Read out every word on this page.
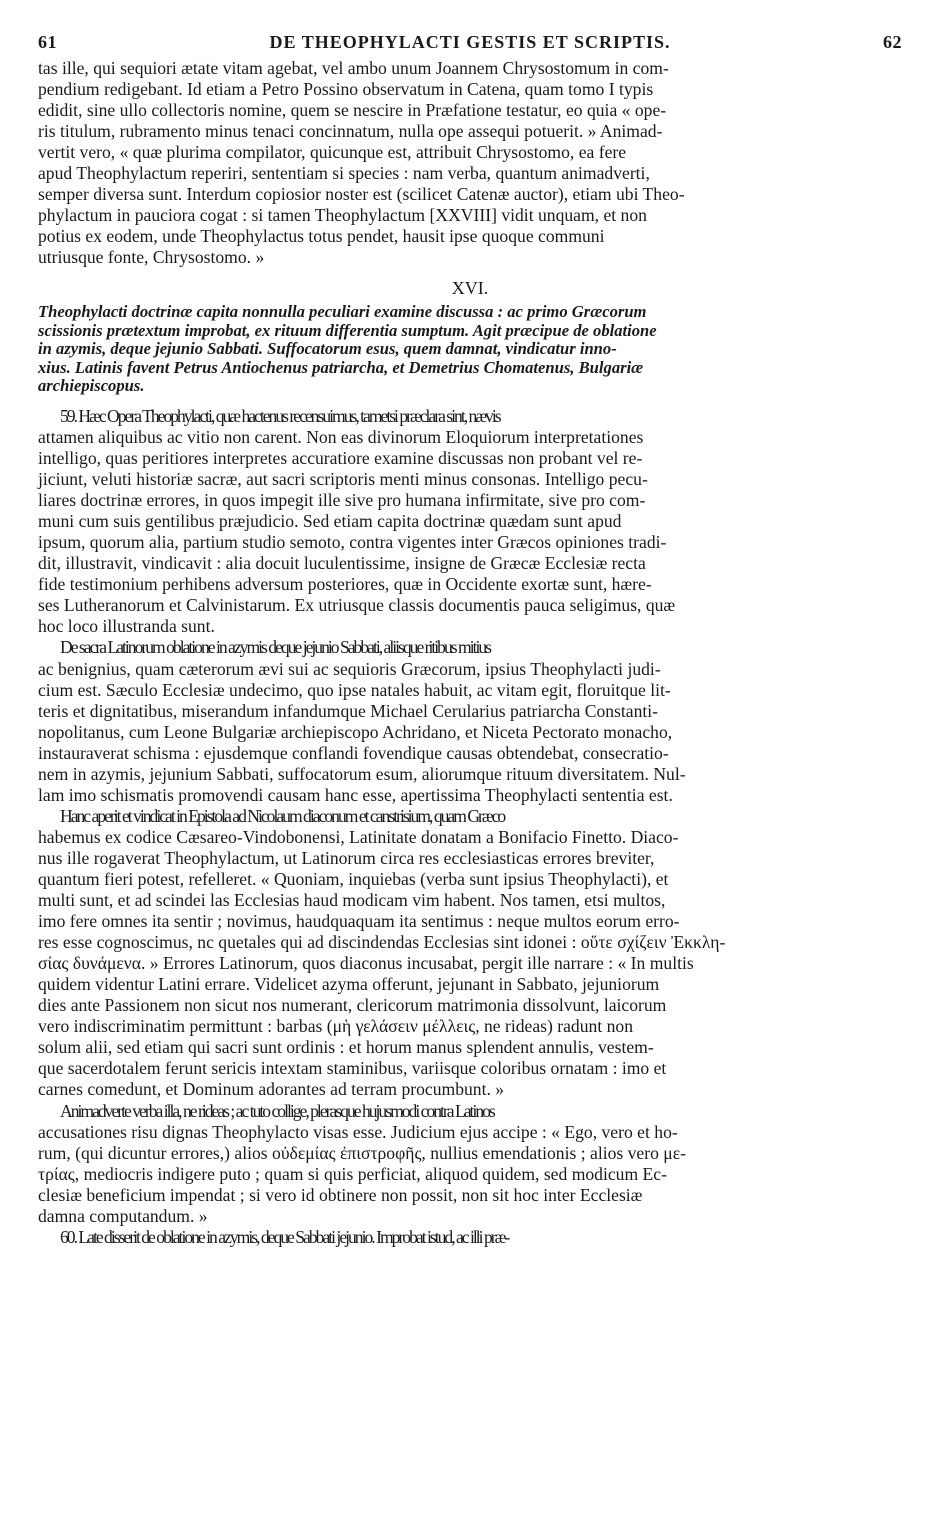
61	DE THEOPHYLACTI GESTIS ET SCRIPTIS.	62

tas ille, qui sequiori ætate vitam agebat, vel ambo unum Joannem Chrysostomum in com-
pendium redigebant. Id etiam a Petro Possino observatum in Catena, quam tomo I typis
edidit, sine ullo collectoris nomine, quem se nescire in Præfatione testatur, eo quia « ope-
ris titulum, rubramento minus tenaci concinnatum, nulla ope assequi potuerit. » Animad-
vertit vero, « quæ plurima compilator, quicunque est, attribuit Chrysostomo, ea fere
apud Theophylactum reperiri, sententiam si species : nam verba, quantum animadverti,
semper diversa sunt. Interdum copiosior noster est (scilicet Catenæ auctor), etiam ubi Theo-
phylactum in pauciora cogat : si tamen Theophylactum [XXVIII] vidit unquam, et non
potius ex eodem, unde Theophylactus totus pendet, hausit ipse quoque communi
utriusque fonte, Chrysostomo. »

XVI.

Theophylacti doctrinæ capita nonnulla peculiari examine discussa : ac primo Græcorum
scissionis prætextum improbat, ex rituum differentia sumptum. Agit præcipue de oblatione
in azymis, deque jejunio Sabbati. Suffocatorum esus, quem damnat, vindicatur inno-
xius. Latinis favent Petrus Antiochenus patriarcha, et Demetrius Chomatenus, Bulgariæ
archiepiscopus.

59. Hæc Opera Theophylacti, quæ hactenus recensuimus, tametsi præclara sint, nævis
attamen aliquibus ac vitio non carent. Non eas divinorum Eloquiorum interpretationes
intelligo, quas peritiores interpretes accuratiore examine discussas non probant vel re-
jiciunt, veluti historiæ sacræ, aut sacri scriptoris menti minus consonas. Intelligo pecu-
liares doctrinæ errores, in quos impegit ille sive pro humana infirmitate, sive pro com-
muni cum suis gentilibus præjudicio. Sed etiam capita doctrinæ quædam sunt apud
ipsum, quorum alia, partium studio semoto, contra vigentes inter Græcos opiniones tradi-
dit, illustravit, vindicavit : alia docuit luculentissime, insigne de Græcæ Ecclesiæ recta
fide testimonium perhibens adversum posteriores, quæ in Occidente exortæ sunt, hære-
ses Lutheranorum et Calvinistarum. Ex utriusque classis documentis pauca seligimus, quæ
hoc loco illustranda sunt.

De sacra Latinorum oblatione in azymis deque jejunio Sabbati, aliisque ritibus mitius
ac benignius, quam cæterorum ævi sui ac sequioris Græcorum, ipsius Theophylacti judi-
cium est. Sæculo Ecclesiæ undecimo, quo ipse natales habuit, ac vitam egit, floruitque lit-
teris et dignitatibus, miserandum infandumque Michael Cerularius patriarcha Constanti-
nopolitanus, cum Leone Bulgariæ archiepiscopo Achridano, et Niceta Pectorato monacho,
instauraverat schisma : ejusdemque conflandi fovendique causas obtendebat, consecratio-
nem in azymis, jejunium Sabbati, suffocatorum esum, aliorumque rituum diversitatem. Nul-
lam imo schismatis promovendi causam hanc esse, apertissima Theophylacti sententia est.

Hanc aperit et vindicat in Epistola ad Nicolaum diaconum et canstrisium, quam Græco
habemus ex codice Cæsareo-Vindobonensi, Latinitate donatam a Bonifacio Finetto. Diaco-
nus ille rogaverat Theophylactum, ut Latinorum circa res ecclesiasticas errores breviter,
quantum fieri potest, refelleret. « Quoniam, inquiebas (verba sunt ipsius Theophylacti), et
multi sunt, et ad scindei las Ecclesias haud modicam vim habent. Nos tamen, etsi multos,
imo fere omnes ita sentir ; novimus, haudquaquam ita sentimus : neque multos eorum erro-
res esse cognoscimus, nc quetales qui ad discindendas Ecclesias sint idonei : οὕτε σχίζειν Ἐκκλη-
σίας δυνάμενα. » Errores Latinorum, quos diaconus incusabat, pergit ille narrare : « In multis
quidem videntur Latini errare. Videlicet azyma offerunt, jejunant in Sabbato, jejuniorum
dies ante Passionem non sicut nos numerant, clericorum matrimonia dissolvunt, laicorum
vero indiscriminatim permittunt : barbas (μὴ γελάσειν μέλλεις, ne rideas) radunt non
solum alii, sed etiam qui sacri sunt ordinis : et horum manus splendent annulis, vestem-
que sacerdotalem ferunt sericis intextam staminibus, variisque coloribus ornatam : imo et
carnes comedunt, et Dominum adorantes ad terram procumbunt. »

Animadverte verba illa, ne rideas ; ac tuto collige, plerasque hujusmodi contra Latinos
accusationes risu dignas Theophylacto visas esse. Judicium ejus accipe : « Ego, vero et ho-
rum, (qui dicuntur errores,) alios οὐδεμίας ἐπιστροφῆς, nullius emendationis ; alios vero με-
τρίας, mediocris indigere puto ; quam si quis perficiat, aliquod quidem, sed modicum Ec-
clesiæ beneficium impendat ; si vero id obtinere non possit, non sit hoc inter Ecclesiæ
damna computandum. »

60. Late disserit de oblatione in azymis, deque Sabbati jejunio. Improbat istud, ac illi præ-
